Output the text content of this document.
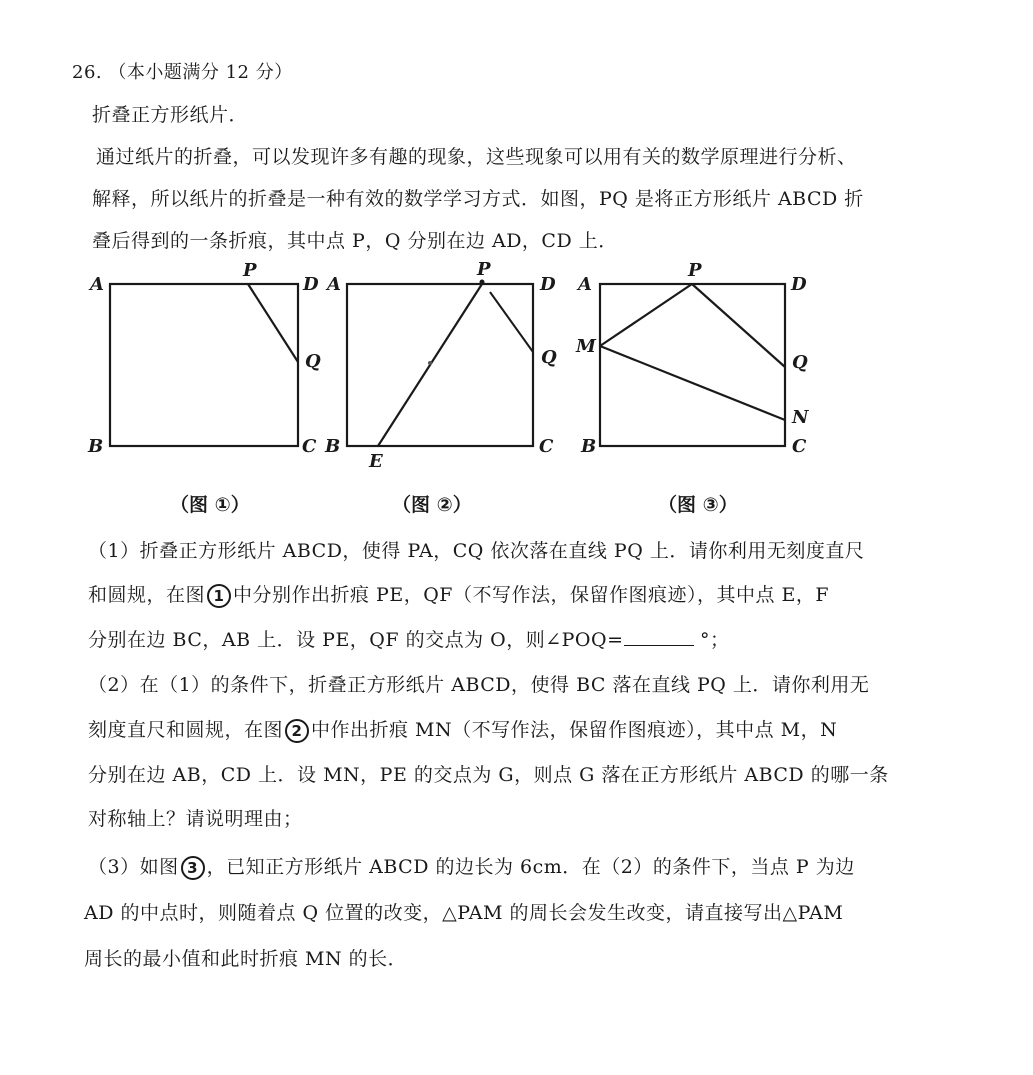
26. （本小题满分 12 分）
折叠正方形纸片．
通过纸片的折叠，可以发现许多有趣的现象，这些现象可以用有关的数学原理进行分析、
解释，所以纸片的折叠是一种有效的数学学习方式．如图，PQ 是将正方形纸片 ABCD 折
叠后得到的一条折痕，其中点 P，Q 分别在边 AD，CD 上．
A
P
D
Q
B	C
A
P
D
Q
B	C
E
A
P
D
M
Q
N
B	C
（图 ①）	（图 ②）	（图 ③）
（1）折叠正方形纸片 ABCD，使得 PA，CQ 依次落在直线 PQ 上．请你利用无刻度直尺
和圆规，在图 1 中分别作出折痕 PE，QF（不写作法，保留作图痕迹），其中点 E，F
分别在边 BC，AB 上．设 PE，QF 的交点为 O，则∠POQ=	°；
（2）在（1）的条件下，折叠正方形纸片 ABCD，使得 BC 落在直线 PQ 上．请你利用无
刻度直尺和圆规，在图 2 中作出折痕 MN（不写作法，保留作图痕迹），其中点 M，N
分别在边 AB，CD 上．设 MN，PE 的交点为 G，则点 G 落在正方形纸片 ABCD 的哪一条
对称轴上？请说明理由；
（3）如图 3 ，已知正方形纸片 ABCD 的边长为 6cm．在（2）的条件下，当点 P 为边
AD 的中点时，则随着点 Q 位置的改变，△PAM 的周长会发生改变，请直接写出△PAM
周长的最小值和此时折痕 MN 的长．
